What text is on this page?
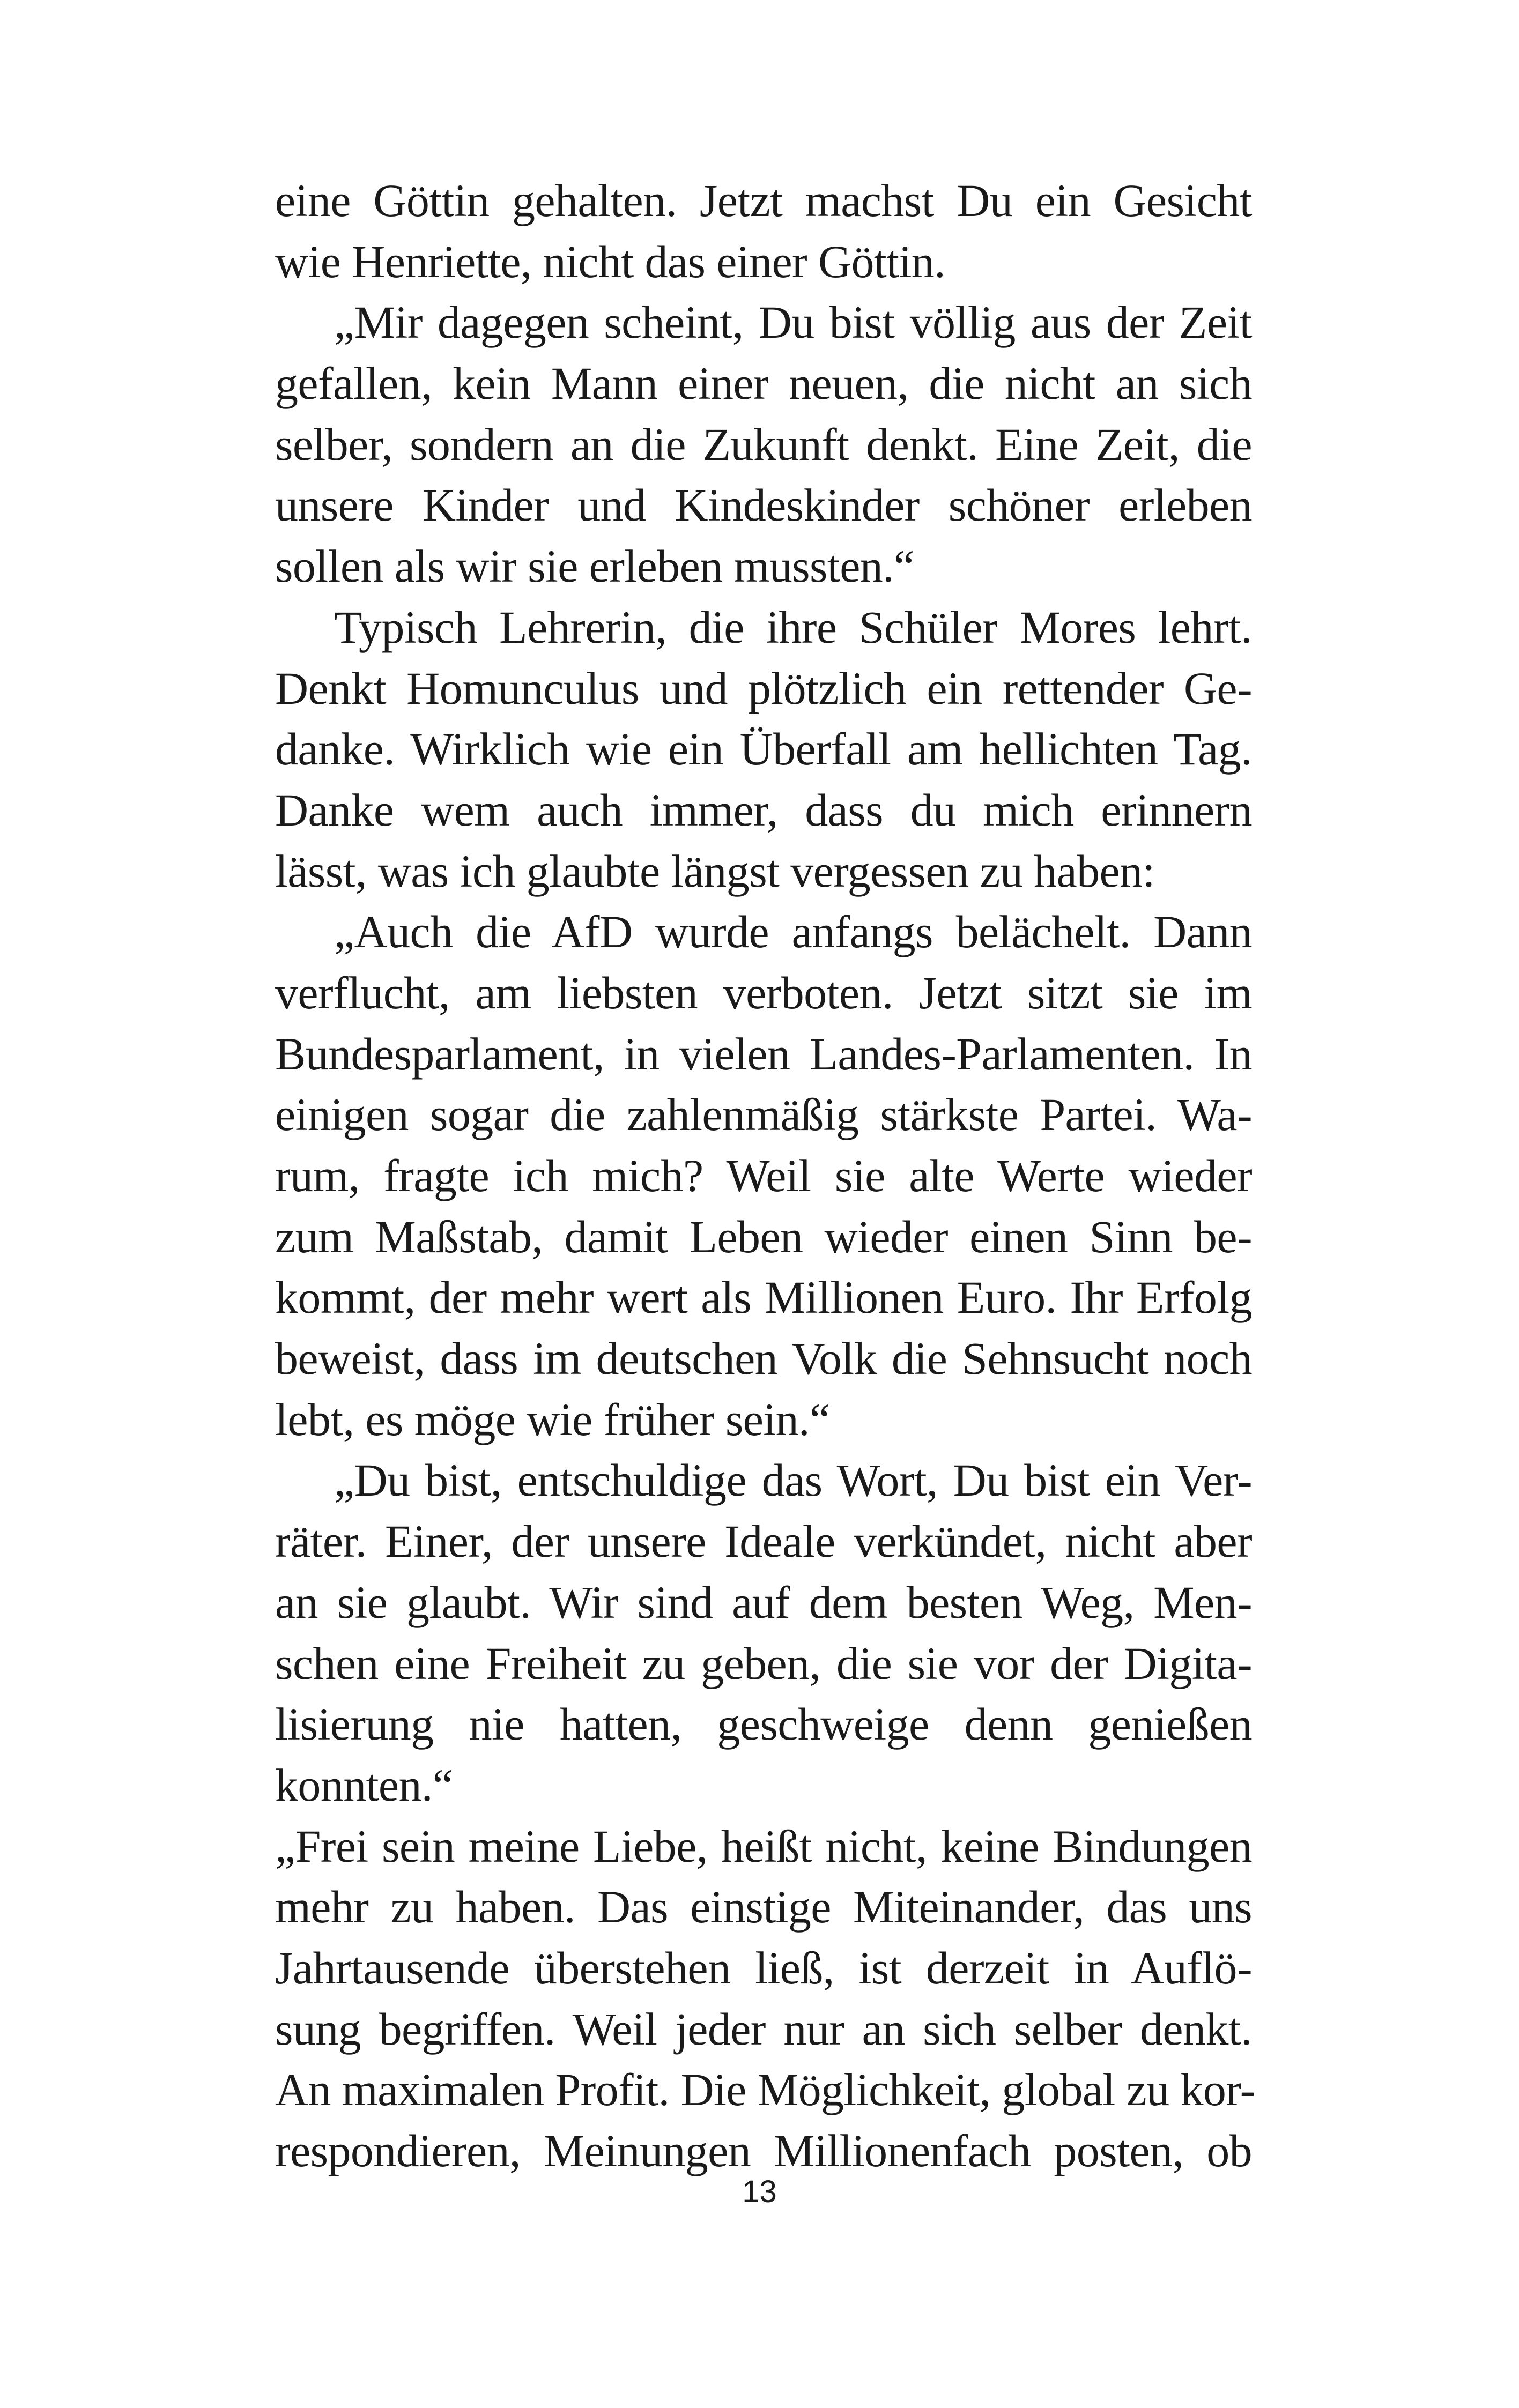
eine Göttin gehalten. Jetzt machst Du ein Gesicht
wie Henriette, nicht das einer Göttin.
„Mir dagegen scheint, Du bist völlig aus der Zeit
gefallen, kein Mann einer neuen, die nicht an sich
selber, sondern an die Zukunft denkt. Eine Zeit, die
unsere Kinder und Kindeskinder schöner erleben
sollen als wir sie erleben mussten.“
Typisch Lehrerin, die ihre Schüler Mores lehrt.
Denkt Homunculus und plötzlich ein rettender Ge-
danke. Wirklich wie ein Überfall am hellichten Tag.
Danke wem auch immer, dass du mich erinnern
lässt, was ich glaubte längst vergessen zu haben:
„Auch die AfD wurde anfangs belächelt. Dann
verflucht, am liebsten verboten. Jetzt sitzt sie im
Bundesparlament, in vielen Landes-Parlamenten. In
einigen sogar die zahlenmäßig stärkste Partei. Wa-
rum, fragte ich mich? Weil sie alte Werte wieder
zum Maßstab, damit Leben wieder einen Sinn be-
kommt, der mehr wert als Millionen Euro. Ihr Erfolg
beweist, dass im deutschen Volk die Sehnsucht noch
lebt, es möge wie früher sein.“
„Du bist, entschuldige das Wort, Du bist ein Ver-
räter. Einer, der unsere Ideale verkündet, nicht aber
an sie glaubt. Wir sind auf dem besten Weg, Men-
schen eine Freiheit zu geben, die sie vor der Digita-
lisierung nie hatten, geschweige denn genießen
konnten.“
„Frei sein meine Liebe, heißt nicht, keine Bindungen
mehr zu haben. Das einstige Miteinander, das uns
Jahrtausende überstehen ließ, ist derzeit in Auflö-
sung begriffen. Weil jeder nur an sich selber denkt.
An maximalen Profit. Die Möglichkeit, global zu kor-
respondieren, Meinungen Millionenfach posten, ob
13
